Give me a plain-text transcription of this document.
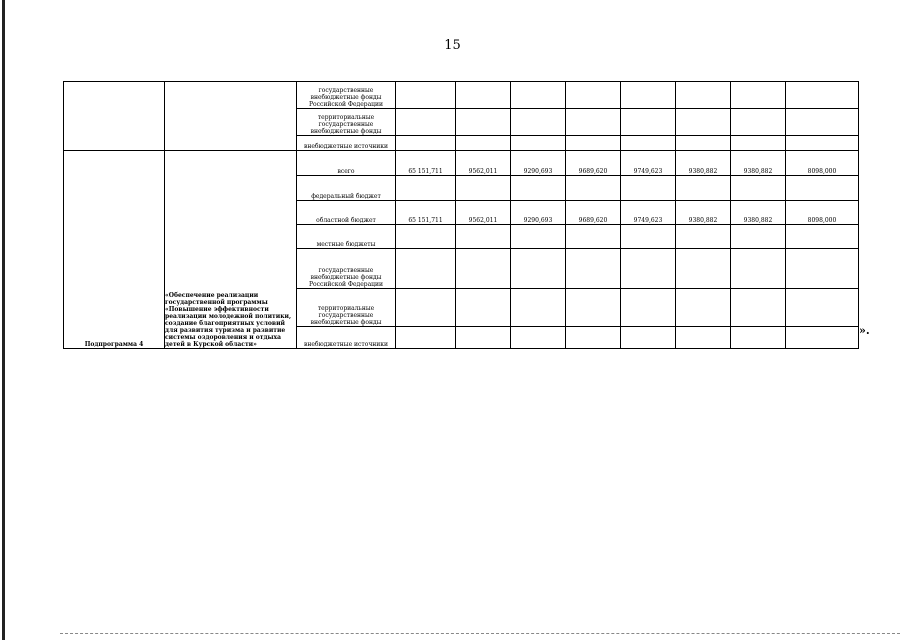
15
		государственные внебюджетные фонды Российской Федерации								
		территориальные государственные внебюджетные фонды								
		внебюджетные источники								
Подпрограмма 4	«Обеспечение реализации государственной программы «Повышение эффективности реализации молодежной политики, создание благоприятных условий для развития туризма и развитие системы оздоровления и отдыха детей в Курской области»	всего	65 151,711	9562,011	9290,693	9689,620	9749,623	9380,882	9380,882	8098,000
		федеральный бюджет								
		областной бюджет	65 151,711	9562,011	9290,693	9689,620	9749,623	9380,882	9380,882	8098,000
		местные бюджеты								
		государственные внебюджетные фонды Российской Федерации								
		территориальные государственные внебюджетные фонды								
		внебюджетные источники								
».
